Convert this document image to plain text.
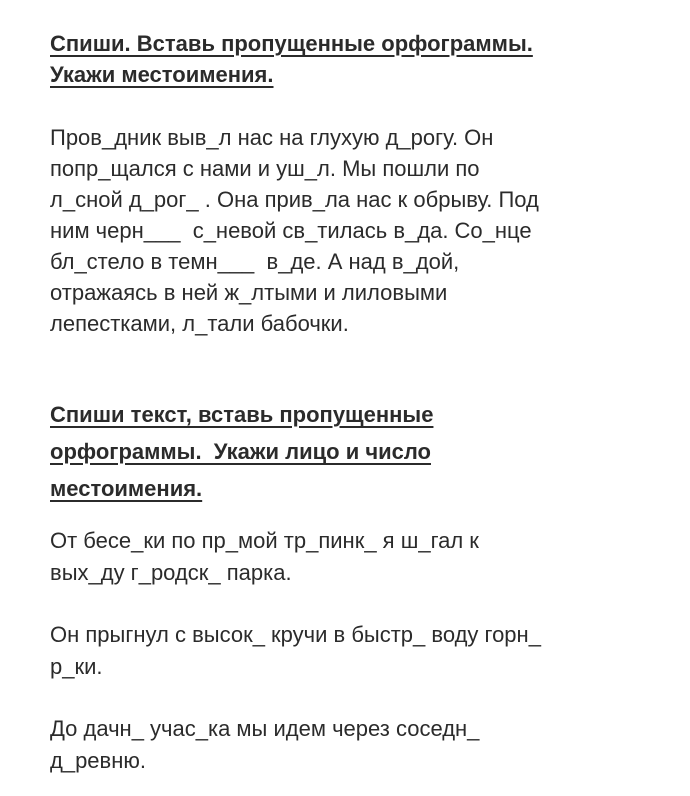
Спиши. Вставь пропущенные орфограммы.
Укажи местоимения.

Пров_дник выв_л нас на глухую д_рогу. Он
попр_щался с нами и уш_л. Мы пошли по
л_сной д_рог_ . Она прив_ла нас к обрыву. Под
ним черн___  с_невой св_тилась в_да. Со_нце
бл_стело в темн___  в_де. А над в_дой,
отражаясь в ней ж_лтыми и лиловыми
лепестками, л_тали бабочки.

Спиши текст, вставь пропущенные
орфограммы.  Укажи лицо и число
местоимения.

От бесе_ки по пр_мой тр_пинк_ я ш_гал к
вых_ду г_родск_ парка.

Он прыгнул с высок_ кручи в быстр_ воду горн_
р_ки.

До дачн_ учас_ка мы идем через соседн_
д_ревню.
